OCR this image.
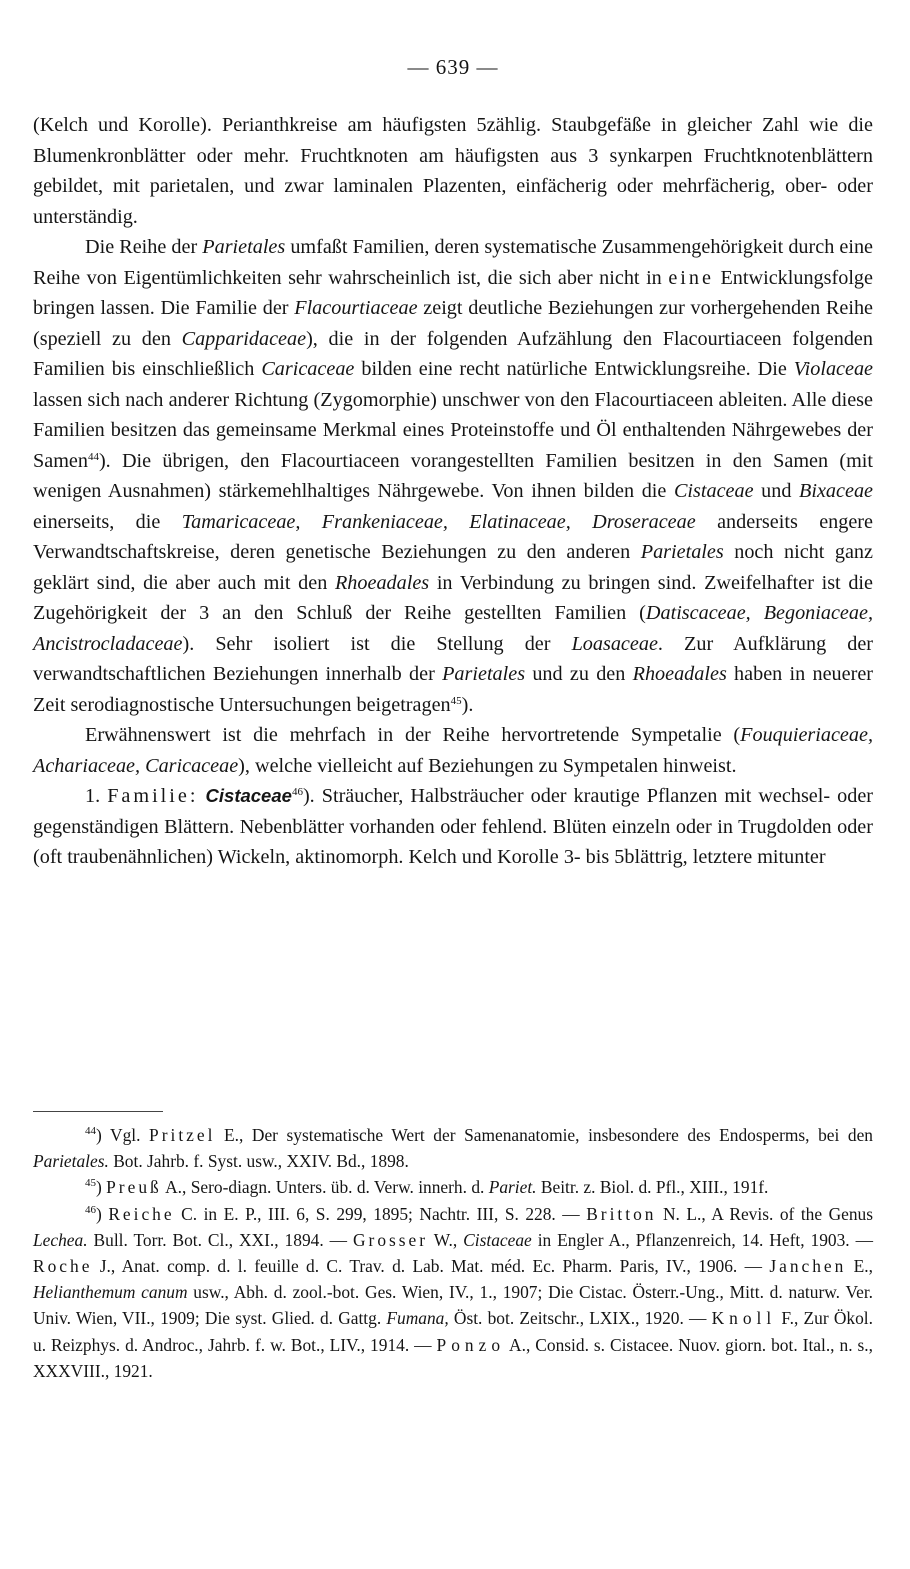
— 639 —

(Kelch und Korolle). Perianthkreise am häufigsten 5zählig. Staubgefäße in gleicher Zahl wie die Blumenkronblätter oder mehr. Fruchtknoten am häufigsten aus 3 synkarpen Fruchtknotenblättern gebildet, mit parietalen, und zwar laminalen Plazenten, einfächerig oder mehrfächerig, ober- oder unterständig.

Die Reihe der Parietales umfaßt Familien, deren systematische Zusammengehörigkeit durch eine Reihe von Eigentümlichkeiten sehr wahrscheinlich ist, die sich aber nicht in eine Entwicklungsfolge bringen lassen. Die Familie der Flacourtiaceae zeigt deutliche Beziehungen zur vorhergehenden Reihe (speziell zu den Capparidaceae), die in der folgenden Aufzählung den Flacourtiaceen folgenden Familien bis einschließlich Caricaceae bilden eine recht natürliche Entwicklungsreihe. Die Violaceae lassen sich nach anderer Richtung (Zygomorphie) unschwer von den Flacourtiaceen ableiten. Alle diese Familien besitzen das gemeinsame Merkmal eines Proteinstoffe und Öl enthaltenden Nährgewebes der Samen$^{44}$). Die übrigen, den Flacourtiaceen vorangestellten Familien besitzen in den Samen (mit wenigen Ausnahmen) stärkemehlhaltiges Nährgewebe. Von ihnen bilden die Cistaceae und Bixaceae einerseits, die Tamaricaceae, Frankeniaceae, Elatinaceae, Droseraceae anderseits engere Verwandtschaftskreise, deren genetische Beziehungen zu den anderen Parietales noch nicht ganz geklärt sind, die aber auch mit den Rhoeadales in Verbindung zu bringen sind. Zweifelhafter ist die Zugehörigkeit der 3 an den Schluß der Reihe gestellten Familien (Datiscaceae, Begoniaceae, Ancistrocladaceae). Sehr isoliert ist die Stellung der Loasaceae. Zur Aufklärung der verwandtschaftlichen Beziehungen innerhalb der Parietales und zu den Rhoeadales haben in neuerer Zeit serodiagnostische Untersuchungen beigetragen$^{45}$).

Erwähnenswert ist die mehrfach in der Reihe hervortretende Sympetalie (Fouquieriaceae, Achariaceae, Caricaceae), welche vielleicht auf Beziehungen zu Sympetalen hinweist.

1. Familie: Cistaceae$^{46}$). Sträucher, Halbsträucher oder krautige Pflanzen mit wechsel- oder gegenständigen Blättern. Nebenblätter vorhanden oder fehlend. Blüten einzeln oder in Trugdolden oder (oft traubenähnlichen) Wickeln, aktinomorph. Kelch und Korolle 3- bis 5blättrig, letztere mitunter

$^{44}$) Vgl. Pritzel E., Der systematische Wert der Samenanatomie, insbesondere des Endosperms, bei den Parietales. Bot. Jahrb. f. Syst. usw., XXIV. Bd., 1898.

$^{45}$) Preuß A., Sero-diagn. Unters. üb. d. Verw. innerh. d. Pariet. Beitr. z. Biol. d. Pfl., XIII., 191f.

$^{46}$) Reiche C. in E. P., III. 6, S. 299, 1895; Nachtr. III, S. 228. — Britton N. L., A Revis. of the Genus Lechea. Bull. Torr. Bot. Cl., XXI., 1894. — Grosser W., Cistaceae in Engler A., Pflanzenreich, 14. Heft, 1903. — Roche J., Anat. comp. d. l. feuille d. C. Trav. d. Lab. Mat. méd. Ec. Pharm. Paris, IV., 1906. — Janchen E., Helianthemum canum usw., Abh. d. zool.-bot. Ges. Wien, IV., 1., 1907; Die Cistac. Österr.-Ung., Mitt. d. naturw. Ver. Univ. Wien, VII., 1909; Die syst. Glied. d. Gattg. Fumana, Öst. bot. Zeitschr., LXIX., 1920. — Knoll F., Zur Ökol. u. Reizphys. d. Androc., Jahrb. f. w. Bot., LIV., 1914. — Ponzo A., Consid. s. Cistacee. Nuov. giorn. bot. Ital., n. s., XXXVIII., 1921.
